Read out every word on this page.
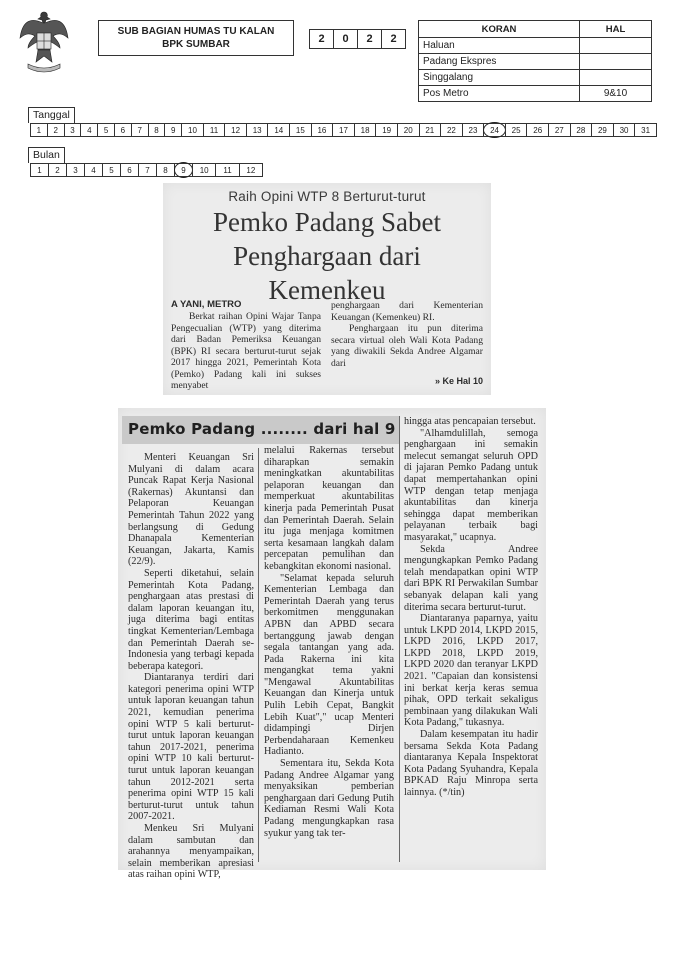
SUB BAGIAN HUMAS TU KALAN
BPK SUMBAR	2	0	2	2
KORAN	HAL
Haluan	
Padang Ekspres	
Singgalang	
Pos Metro	9&10
Tanggal
1	2	3	4	5	6	7	8	9	10	11	12	13	14	15	16	17	18	19	20	21	22	23	24	25	26	27	28	29	30	31
Bulan
1	2	3	4	5	6	7	8	9	10	11	12
Raih Opini WTP 8 Berturut-turut
Pemko Padang Sabet
Penghargaan dari
Kemenkeu
A YANI, METRO
Berkat raihan Opini Wajar Tanpa Pengecualian (WTP) yang diterima dari Badan Pemeriksa Keuangan (BPK) RI secara berturut-turut sejak 2017 hingga 2021, Pemerintah Kota (Pemko) Padang kali ini sukses menyabet

penghargaan dari Kementerian Keuangan (Kemenkeu) RI.

Penghargaan itu pun diterima secara virtual oleh Wali Kota Padang yang diwakili Sekda Andree Algamar dari

» Ke Hal 10
Pemko Padang ........ dari hal 9

Menteri Keuangan Sri Mulyani di dalam acara Puncak Rapat Kerja Nasional (Rakernas) Akuntansi dan Pelaporan Keuangan Pemerintah Tahun 2022 yang berlangsung di Gedung Dhanapala Kementerian Keuangan, Jakarta, Kamis (22/9).

Seperti diketahui, selain Pemerintah Kota Padang, penghargaan atas prestasi di dalam laporan keuangan itu, juga diterima bagi entitas tingkat Kementerian/Lembaga dan Pemerintah Daerah se-Indonesia yang terbagi kepada beberapa kategori.

Diantaranya terdiri dari kategori penerima opini WTP untuk laporan keuangan tahun 2021, kemudian penerima opini WTP 5 kali berturut-turut untuk laporan keuangan tahun 2017-2021, penerima opini WTP 10 kali berturut-turut untuk laporan keuangan tahun 2012-2021 serta penerima opini WTP 15 kali berturut-turut untuk tahun 2007-2021.

Menkeu Sri Mulyani dalam sambutan dan arahannya menyampaikan, selain memberikan apresiasi atas raihan opini WTP,

melalui Rakernas tersebut diharapkan semakin meningkatkan akuntabilitas pelaporan keuangan dan memperkuat akuntabilitas kinerja pada Pemerintah Pusat dan Pemerintah Daerah. Selain itu juga menjaga komitmen serta kesamaan langkah dalam percepatan pemulihan dan kebangkitan ekonomi nasional.

"Selamat kepada seluruh Kementerian Lembaga dan Pemerintah Daerah yang terus berkomitmen menggunakan APBN dan APBD secara bertanggung jawab dengan segala tantangan yang ada. Pada Rakerna ini kita mengangkat tema yakni "Mengawal Akuntabilitas Keuangan dan Kinerja untuk Pulih Lebih Cepat, Bangkit Lebih Kuat"," ucap Menteri didampingi Dirjen Perbendaharaan Kemenkeu Hadianto.

Sementara itu, Sekda Kota Padang Andree Algamar yang menyaksikan pemberian penghargaan dari Gedung Putih Kediaman Resmi Wali Kota Padang mengungkapkan rasa syukur yang tak ter-

hingga atas pencapaian tersebut.

"Alhamdulillah, semoga penghargaan ini semakin melecut semangat seluruh OPD di jajaran Pemko Padang untuk dapat mempertahankan opini WTP dengan tetap menjaga akuntabilitas dan kinerja sehingga dapat memberikan pelayanan terbaik bagi masyarakat," ucapnya.

Sekda Andree mengungkapkan Pemko Padang telah mendapatkan opini WTP dari BPK RI Perwakilan Sumbar sebanyak delapan kali yang diterima secara berturut-turut.

Diantaranya paparnya, yaitu untuk LKPD 2014, LKPD 2015, LKPD 2016, LKPD 2017, LKPD 2018, LKPD 2019, LKPD 2020 dan teranyar LKPD 2021. "Capaian dan konsistensi ini berkat kerja keras semua pihak, OPD terkait sekaligus pembinaan yang dilakukan Wali Kota Padang," tukasnya.

Dalam kesempatan itu hadir bersama Sekda Kota Padang diantaranya Kepala Inspektorat Kota Padang Syuhandra, Kepala BPKAD Raju Minropa serta lainnya. (*/tin)
